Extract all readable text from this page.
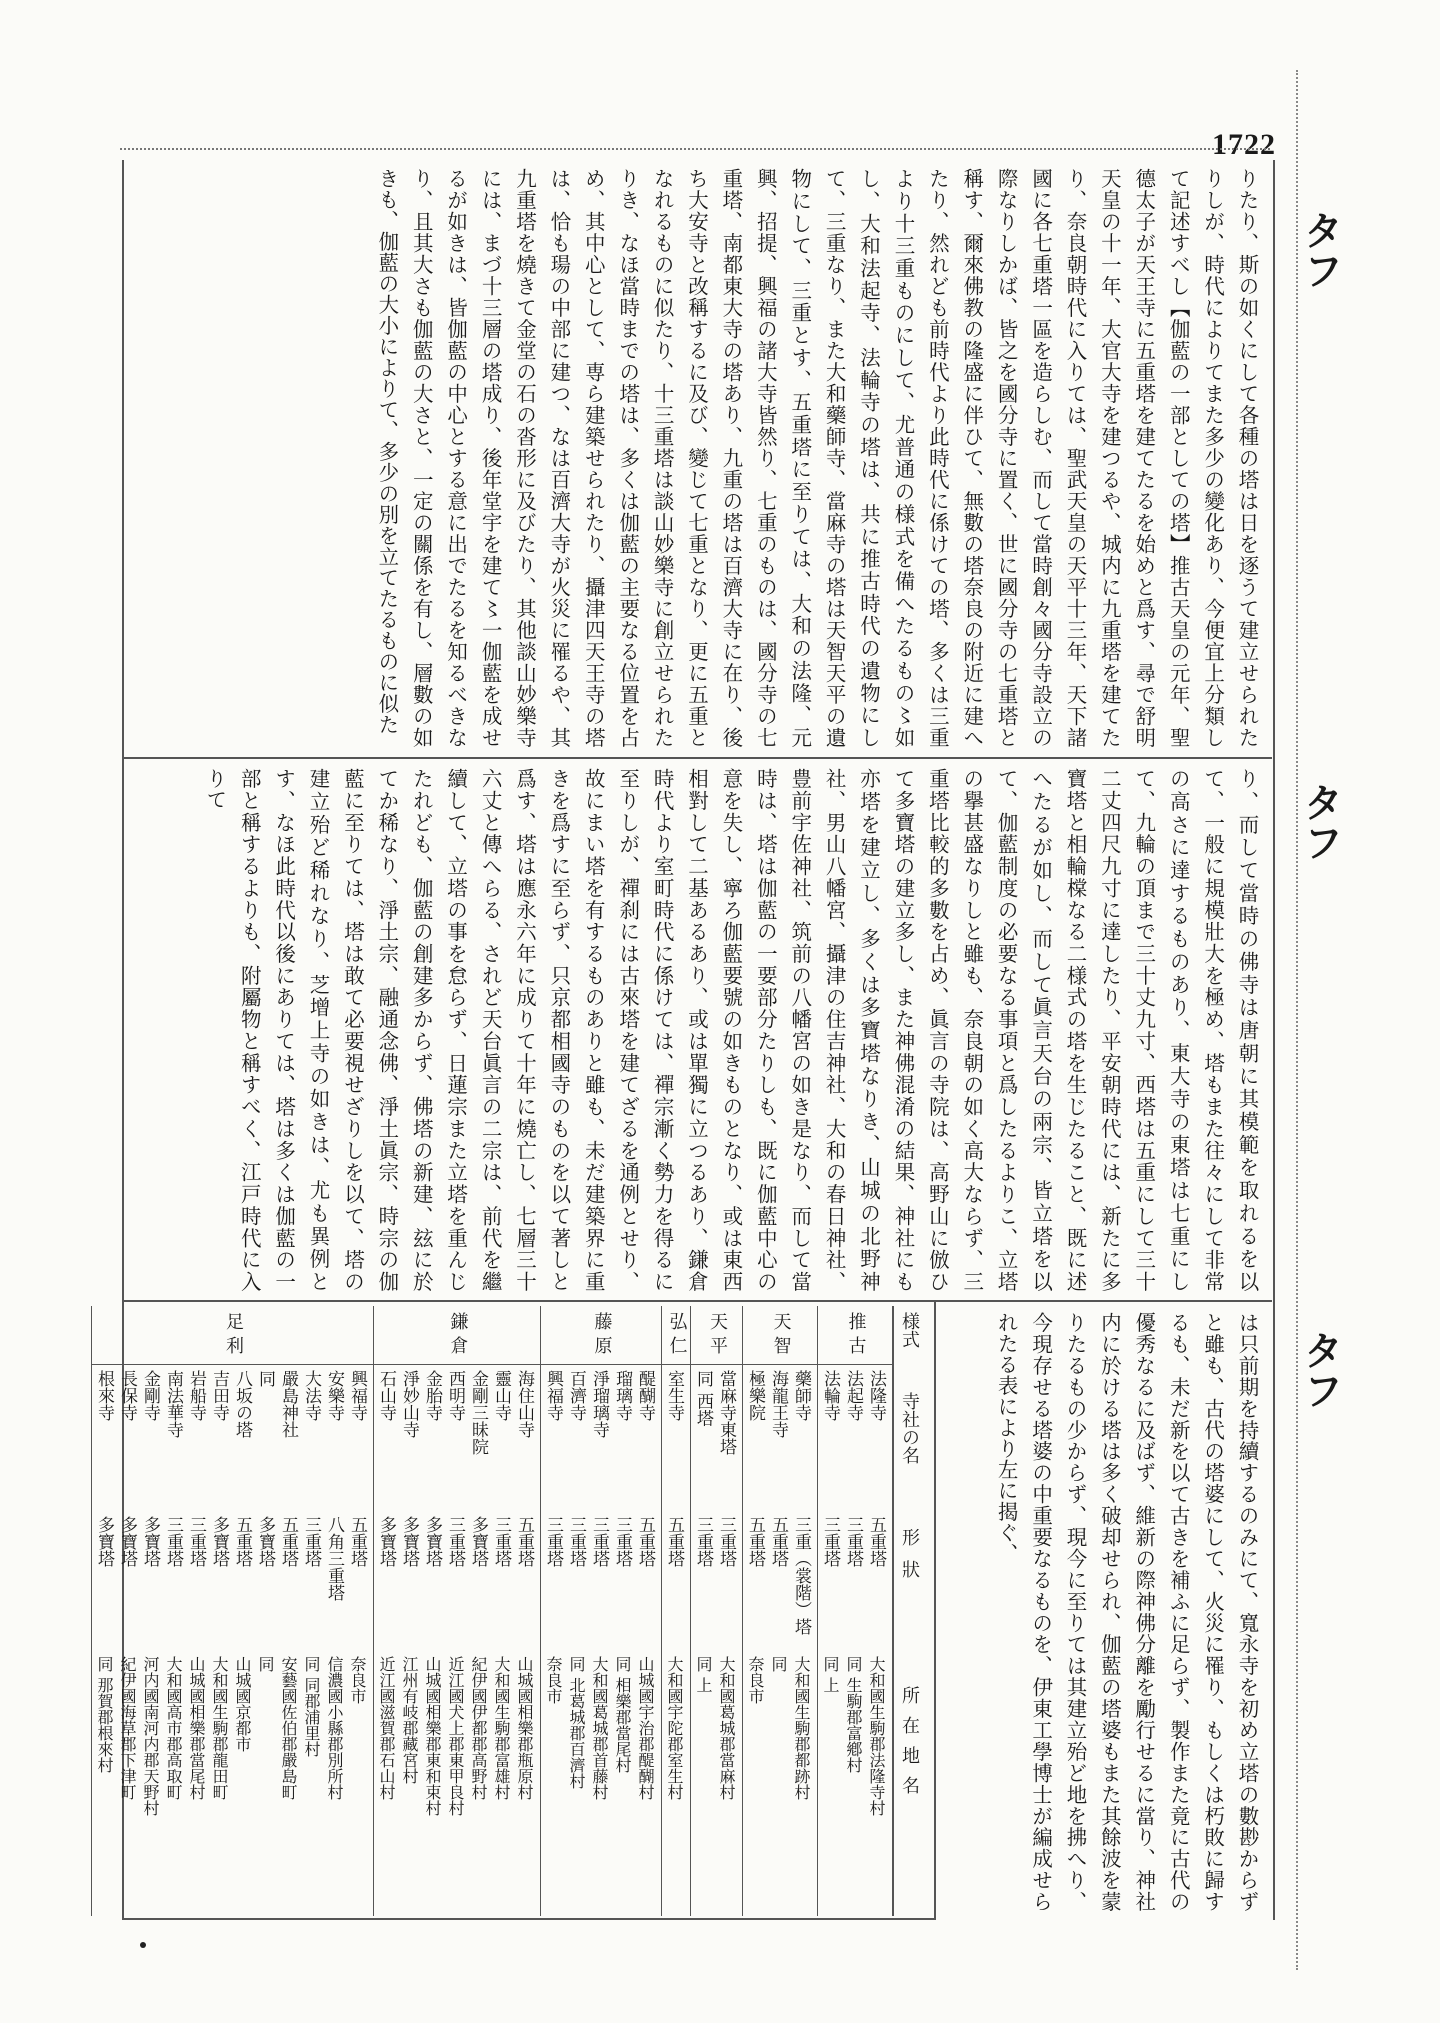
1722
タフ
タフ
タフ

りたり、斯の如くにして各種の塔は日を逐うて建立せられたりしが、時代によりてまた多少の變化あり、今便宜上分類して記述すべし【伽藍の一部としての塔】推古天皇の元年、聖德太子が天王寺に五重塔を建てたるを始めと爲す、尋で舒明天皇の十一年、大官大寺を建つるや、城内に九重塔を建てたり、奈良朝時代に入りては、聖武天皇の天平十三年、天下諸國に各七重塔一區を造らしむ、而して當時創々國分寺設立の際なりしかば、皆之を國分寺に置く、世に國分寺の七重塔と稱す、爾來佛教の隆盛に伴ひて、無數の塔奈良の附近に建へたり、然れども前時代より此時代に係けての塔、多くは三重より十三重ものにして、尤普通の様式を備へたるもの〻如し、大和法起寺、法輪寺の塔は、共に推古時代の遺物にして、三重なり、また大和藥師寺、當麻寺の塔は天智天平の遺物にして、三重とす、五重塔に至りては、大和の法隆、元興、招提、興福の諸大寺皆然り、七重のものは、國分寺の七重塔、南都東大寺の塔あり、九重の塔は百濟大寺に在り、後ち大安寺と改稱するに及び、變じて七重となり、更に五重となれるものに似たり、十三重塔は談山妙樂寺に創立せられたりき、なほ當時までの塔は、多くは伽藍の主要なる位置を占め、其中心として、専ら建築せられたり、攝津四天王寺の塔は、恰も瑒の中部に建つ、なは百濟大寺が火災に罹るや、其九重塔を燒きて金堂の石の沓形に及びたり、其他談山妙樂寺には、まづ十三層の塔成り、後年堂宇を建て〻一伽藍を成せるが如きは、皆伽藍の中心とする意に出でたるを知るべきなり、且其大さも伽藍の大さと、一定の關係を有し、層數の如きも、伽藍の大小によりて、多少の別を立てたるものに似た

り、而して當時の佛寺は唐朝に其模範を取れるを以て、一般に規模壯大を極め、塔もまた往々にして非常の高さに達するものあり、東大寺の東塔は七重にして、九輪の頂まで三十丈九寸、西塔は五重にして三十二丈四尺九寸に達したり、平安朝時代には、新たに多寶塔と相輪橖なる二様式の塔を生じたること、既に述へたるが如し、而して眞言天台の兩宗、皆立塔を以て、伽藍制度の必要なる事項と爲したるよりこ、立塔の擧甚盛なりしと雖も、奈良朝の如く高大ならず、三重塔比較的多數を占め、眞言の寺院は、高野山に倣ひて多寶塔の建立多し、また神佛混淆の結果、神社にも亦塔を建立し、多くは多寶塔なりき、山城の北野神社、男山八幡宮、攝津の住吉神社、大和の春日神社、豊前宇佐神社、筑前の八幡宮の如き是なり、而して當時は、塔は伽藍の一要部分たりしも、既に伽藍中心の意を失し、寧ろ伽藍要號の如きものとなり、或は東西相對して二基あるあり、或は單獨に立つるあり、鎌倉時代より室町時代に係けては、禪宗漸く勢力を得るに至りしが、禪刹には古來塔を建てざるを通例とせり、故にまい塔を有するものありと雖も、未だ建築界に重きを爲すに至らず、只京都相國寺のものを以て著しと爲す、塔は應永六年に成りて十年に燒亡し、七層三十六丈と傳へらる、されど天台眞言の二宗は、前代を繼續して、立塔の事を怠らず、日蓮宗また立塔を重んじたれども、伽藍の創建多からず、佛塔の新建、玆に於てか稀なり、淨土宗、融通念佛、淨土眞宗、時宗の伽藍に至りては、塔は敢て必要視せざりしを以て、塔の建立殆ど稀れなり、芝增上寺の如きは、尤も異例とす、なほ此時代以後にありては、塔は多くは伽藍の一部と稱するよりも、附屬物と稱すべく、江戸時代に入りて

は只前期を持續するのみにて、寬永寺を初め立塔の數尠からずと雖も、古代の塔婆にして、火災に罹り、もしくは朽敗に歸するも、未だ新を以て古きを補ふに足らず、製作また竟に古代の優秀なるに及ばず、維新の際神佛分離を勵行せるに當り、神社内に於ける塔は多く破却せられ、伽藍の塔婆もまた其餘波を蒙りたるもの少からず、現今に至りては其建立殆ど地を拂へり、今現存せる塔婆の中重要なるものを、伊東工學博士が編成せられたる表により左に揭ぐ、

様式
寺社の名
形狀
所在地名
推古
法隆寺
五重塔
大和國生駒郡法隆寺村
法起寺
三重塔
同 生駒郡富鄕村
法輪寺
三重塔
同 上
天智
藥師寺
三重（裳階）塔
大和國生駒郡都跡村
海龍王寺
五重塔
同
極樂院
五重塔
奈良市
天平
當麻寺東塔
三重塔
大和國葛城郡當麻村
同 西塔
三重塔
同 上
弘仁
室生寺
五重塔
大和國宇陀郡室生村
藤原
醍醐寺
五重塔
山城國宇治郡醍醐村
瑠璃寺
三重塔
同 相樂郡當尾村
淨瑠璃寺
三重塔
大和國葛城郡首藤村
百濟寺
三重塔
同 北葛城郡百濟村
興福寺
三重塔
奈良市
鎌倉
海住山寺
五重塔
山城國相樂郡瓶原村
靈山寺
三重塔
大和國生駒郡富雄村
金剛三昧院
多寶塔
紀伊國伊都郡高野村
西明寺
三重塔
近江國犬上郡東甲良村
金胎寺
多寶塔
山城國相樂郡東和束村
淨妙山寺
多寶塔
江州有岐郡藏宮村
石山寺
多寶塔
近江國滋賀郡石山村
足利
興福寺
五重塔
奈良市
安樂寺
八角三重塔
信濃國小縣郡別所村
大法寺
三重塔
同 同郡浦里村
嚴島神社
五重塔
安藝國佐伯郡嚴島町
同
多寶塔
同
八坂の塔
五重塔
山城國京都市
吉田寺
多寶塔
大和國生駒郡龍田町
岩船寺
三重塔
山城國相樂郡當尾村
南法華寺
三重塔
大和國高市郡高取町
金剛寺
多寶塔
河内國南河内郡天野村
長保寺
多寶塔
紀伊國海草郡下津町
根來寺
多寶塔
同 那賀郡根來村
